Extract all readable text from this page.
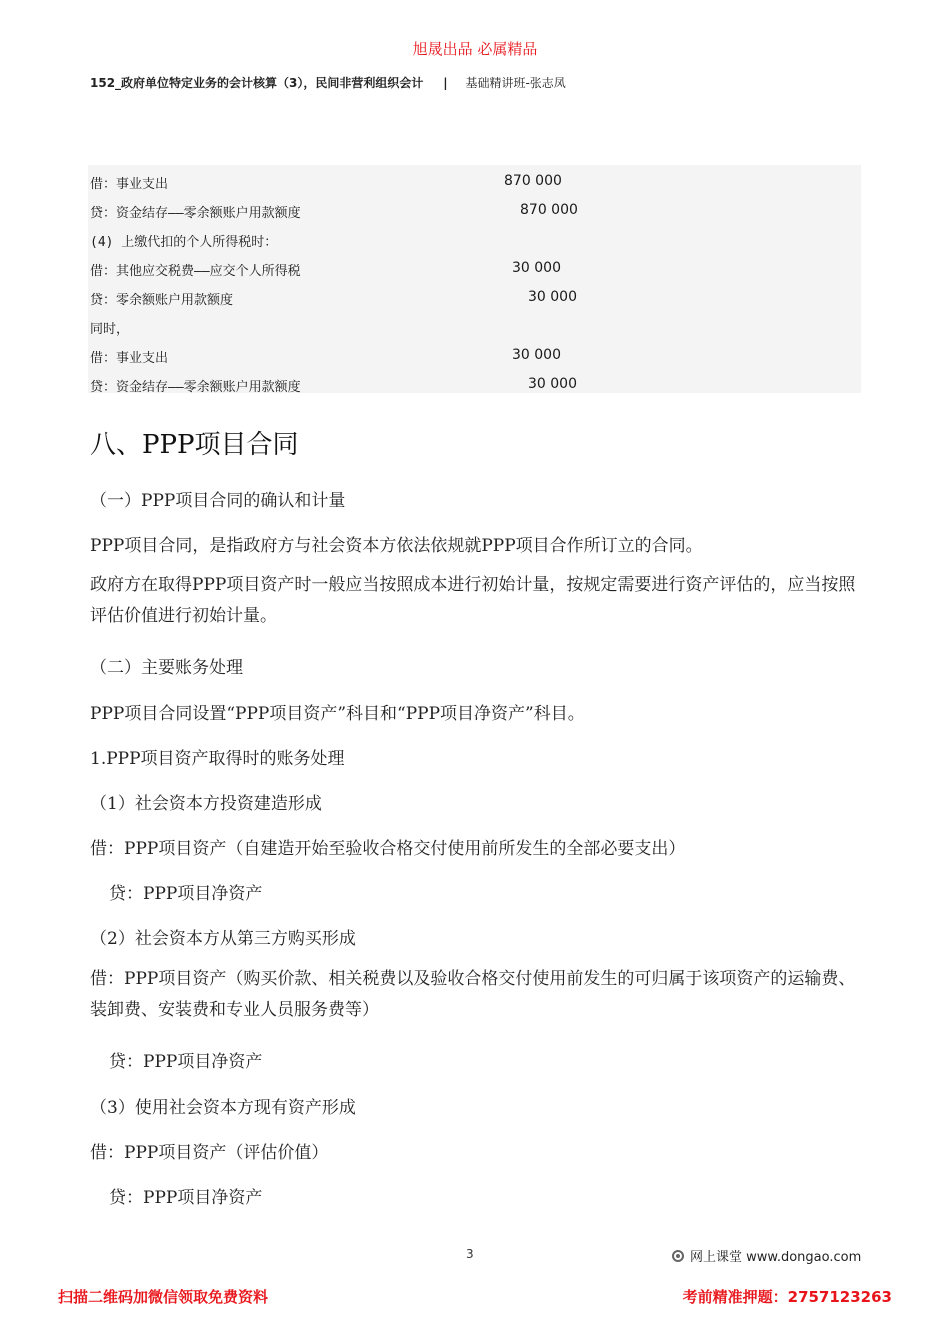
旭晟出品 必属精品
152_政府单位特定业务的会计核算（3），民间非营利组织会计 | 基础精讲班-张志凤
借：事业支出	870 000
贷：资金结存——零余额账户用款额度	870 000
(4) 上缴代扣的个人所得税时：
借：其他应交税费——应交个人所得税	30 000
贷：零余额账户用款额度	30 000
同时，
借：事业支出	30 000
贷：资金结存——零余额账户用款额度	30 000
八、PPP项目合同
（一）PPP项目合同的确认和计量
PPP项目合同，是指政府方与社会资本方依法依规就PPP项目合作所订立的合同。
政府方在取得PPP项目资产时一般应当按照成本进行初始计量，按规定需要进行资产评估的，应当按照评估价值进行初始计量。
（二）主要账务处理
PPP项目合同设置“PPP项目资产”科目和“PPP项目净资产”科目。
1.PPP项目资产取得时的账务处理
（1）社会资本方投资建造形成
借：PPP项目资产（自建造开始至验收合格交付使用前所发生的全部必要支出）
贷：PPP项目净资产
（2）社会资本方从第三方购买形成
借：PPP项目资产（购买价款、相关税费以及验收合格交付使用前发生的可归属于该项资产的运输费、装卸费、安装费和专业人员服务费等）
贷：PPP项目净资产
（3）使用社会资本方现有资产形成
借：PPP项目资产（评估价值）
贷：PPP项目净资产
3	网上课堂 www.dongao.com
扫描二维码加微信领取免费资料	考前精准押题：2757123263
